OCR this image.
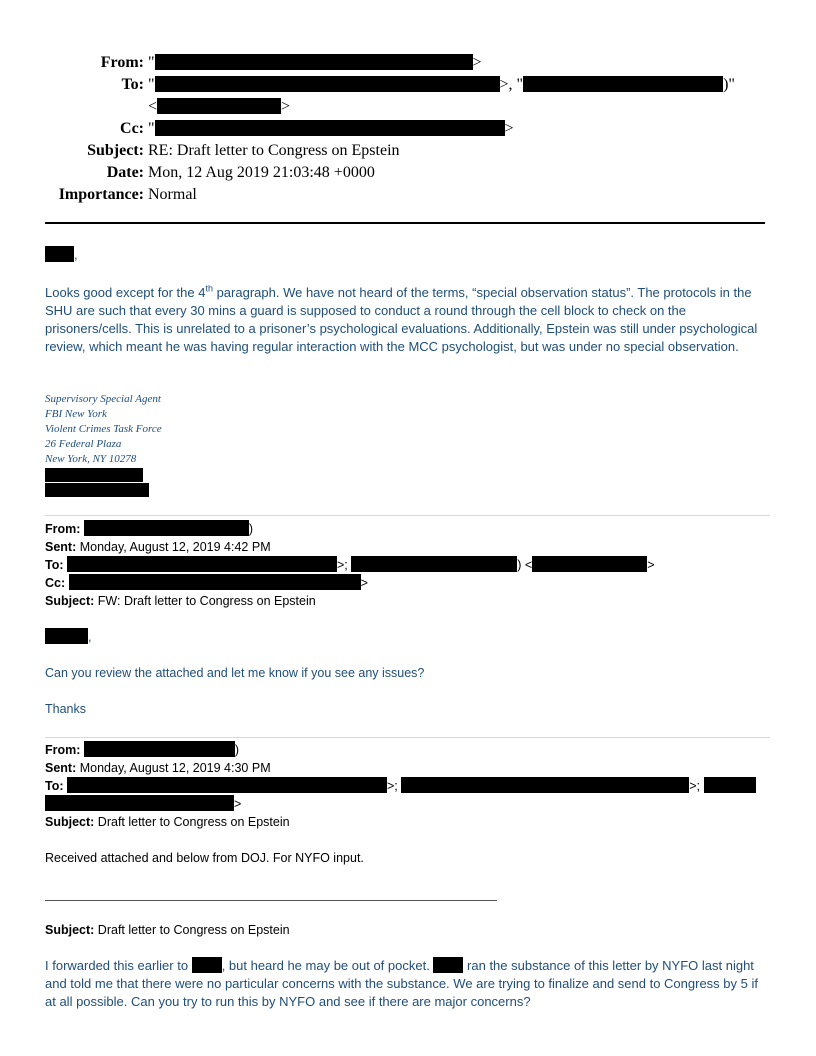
From: "	>
To: "	>, "	)"
<	>
Cc: "	>
Subject: RE: Draft letter to Congress on Epstein
Date: Mon, 12 Aug 2019 21:03:48 +0000
Importance: Normal
,
Looks good except for the 4th paragraph. We have not heard of the terms, “special observation status”. The protocols in the SHU are such that every 30 mins a guard is supposed to conduct a round through the cell block to check on the prisoners/cells. This is unrelated to a prisoner’s psychological evaluations. Additionally, Epstein was still under psychological review, which meant he was having regular interaction with the MCC psychologist, but was under no special observation.
Supervisory Special Agent
FBI New York
Violent Crimes Task Force
26 Federal Plaza
New York, NY 10278
From:	)
Sent: Monday, August 12, 2019 4:42 PM
To:	>;	) <	>
Cc:	>
Subject: FW: Draft letter to Congress on Epstein
,
Can you review the attached and let me know if you see any issues?
Thanks
From:	)
Sent: Monday, August 12, 2019 4:30 PM
To:	>;	>;
>
Subject: Draft letter to Congress on Epstein
Received attached and below from DOJ. For NYFO input.
Subject: Draft letter to Congress on Epstein
I forwarded this earlier to , but heard he may be out of pocket.  ran the substance of this letter by NYFO last night and told me that there were no particular concerns with the substance. We are trying to finalize and send to Congress by 5 if at all possible. Can you try to run this by NYFO and see if there are major concerns?
